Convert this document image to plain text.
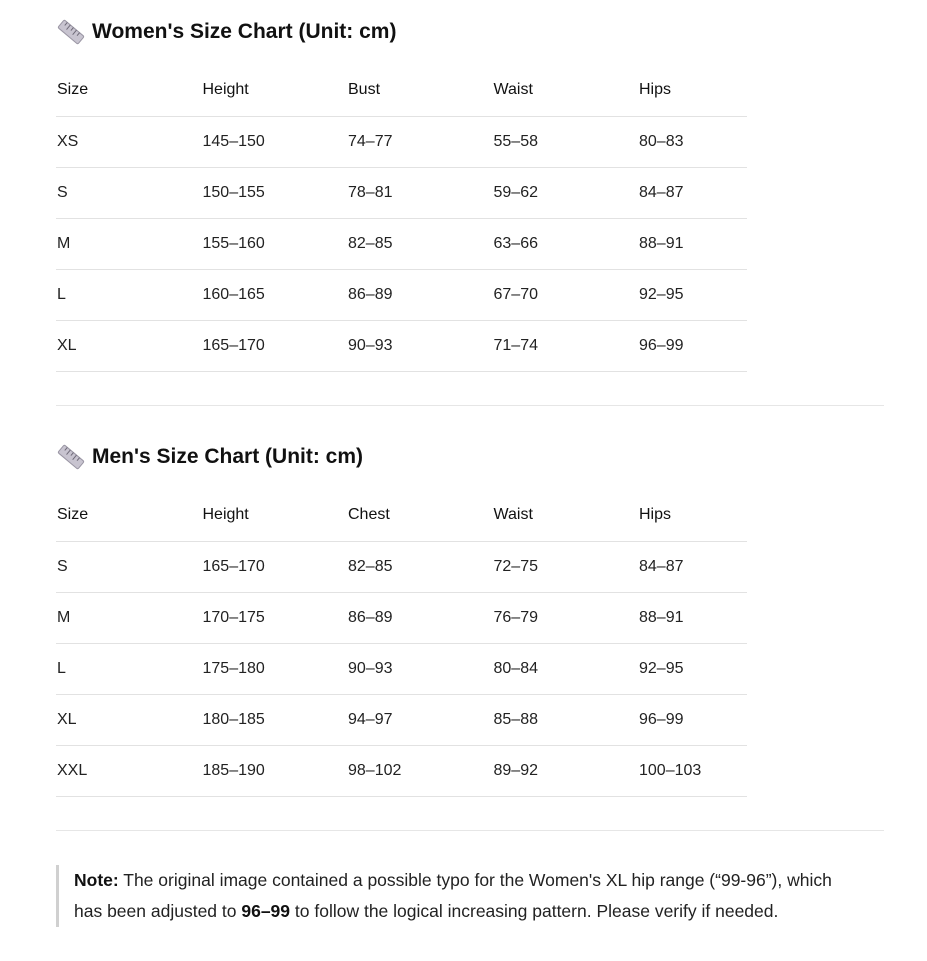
Women's Size Chart (Unit: cm)
Size	Height	Bust	Waist	Hips
XS	145–150	74–77	55–58	80–83
S	150–155	78–81	59–62	84–87
M	155–160	82–85	63–66	88–91
L	160–165	86–89	67–70	92–95
XL	165–170	90–93	71–74	96–99
Men's Size Chart (Unit: cm)
Size	Height	Chest	Waist	Hips
S	165–170	82–85	72–75	84–87
M	170–175	86–89	76–79	88–91
L	175–180	90–93	80–84	92–95
XL	180–185	94–97	85–88	96–99
XXL	185–190	98–102	89–92	100–103
Note: The original image contained a possible typo for the Women's XL hip range (“99-96”), which has been adjusted to 96–99 to follow the logical increasing pattern. Please verify if needed.
